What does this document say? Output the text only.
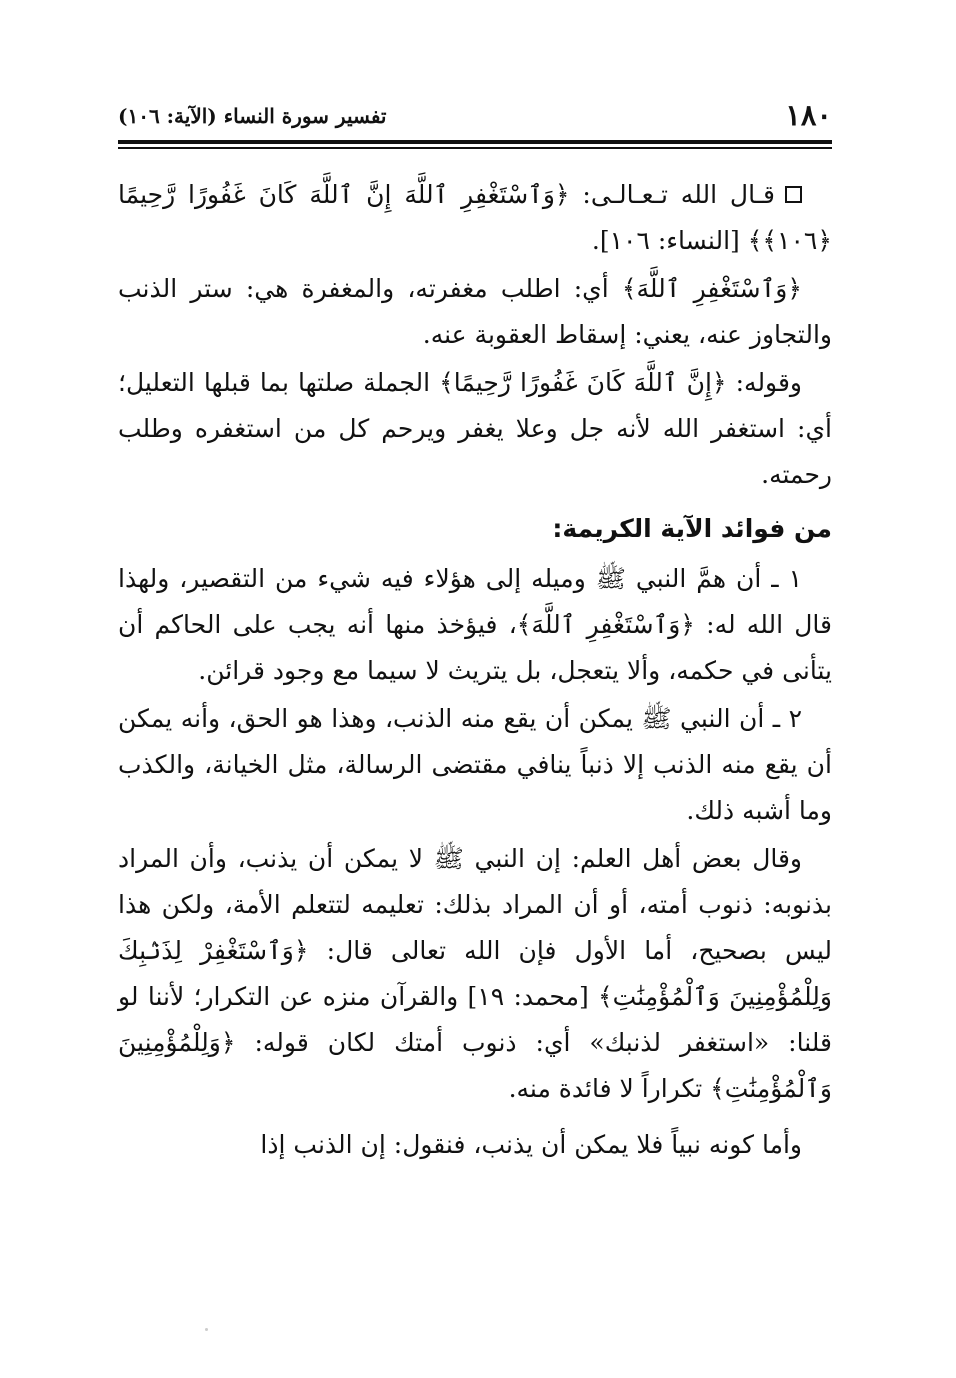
١٨٠
تفسير سورة النساء (الآية: ١٠٦)

قـال الله تـعـالـى: ﴿وَٱسْتَغْفِرِ ٱللَّهَ إِنَّ ٱللَّهَ كَانَ غَفُورًا رَّحِيمًا ﴿١٠٦﴾﴾ [النساء: ١٠٦].

﴿وَٱسْتَغْفِرِ ٱللَّهَ﴾ أي: اطلب مغفرته، والمغفرة هي: ستر الذنب والتجاوز عنه، يعني: إسقاط العقوبة عنه.

وقوله: ﴿إِنَّ ٱللَّهَ كَانَ غَفُورًا رَّحِيمًا﴾ الجملة صلتها بما قبلها التعليل؛ أي: استغفر الله لأنه جل وعلا يغفر ويرحم كل من استغفره وطلب رحمته.

من فوائد الآية الكريمة:

١ ـ أن همَّ النبي ﷺ وميله إلى هؤلاء فيه شيء من التقصير، ولهذا قال الله له: ﴿وَٱسْتَغْفِرِ ٱللَّهَ﴾، فيؤخذ منها أنه يجب على الحاكم أن يتأنى في حكمه، وألا يتعجل، بل يتريث لا سيما مع وجود قرائن.

٢ ـ أن النبي ﷺ يمكن أن يقع منه الذنب، وهذا هو الحق، وأنه يمكن أن يقع منه الذنب إلا ذنباً ينافي مقتضى الرسالة، مثل الخيانة، والكذب وما أشبه ذلك.

وقال بعض أهل العلم: إن النبي ﷺ لا يمكن أن يذنب، وأن المراد بذنوبه: ذنوب أمته، أو أن المراد بذلك: تعليمه لتتعلم الأمة، ولكن هذا ليس بصحيح، أما الأول فإن الله تعالى قال: ﴿وَٱسْتَغْفِرْ لِذَنۢبِكَ وَلِلْمُؤْمِنِينَ وَٱلْمُؤْمِنَٰتِ﴾ [محمد: ١٩] والقرآن منزه عن التكرار؛ لأننا لو قلنا: «استغفر لذنبك» أي: ذنوب أمتك لكان قوله: ﴿وَلِلْمُؤْمِنِينَ وَٱلْمُؤْمِنَٰتِ﴾ تكراراً لا فائدة منه.

وأما كونه نبياً فلا يمكن أن يذنب، فنقول: إن الذنب إذا
